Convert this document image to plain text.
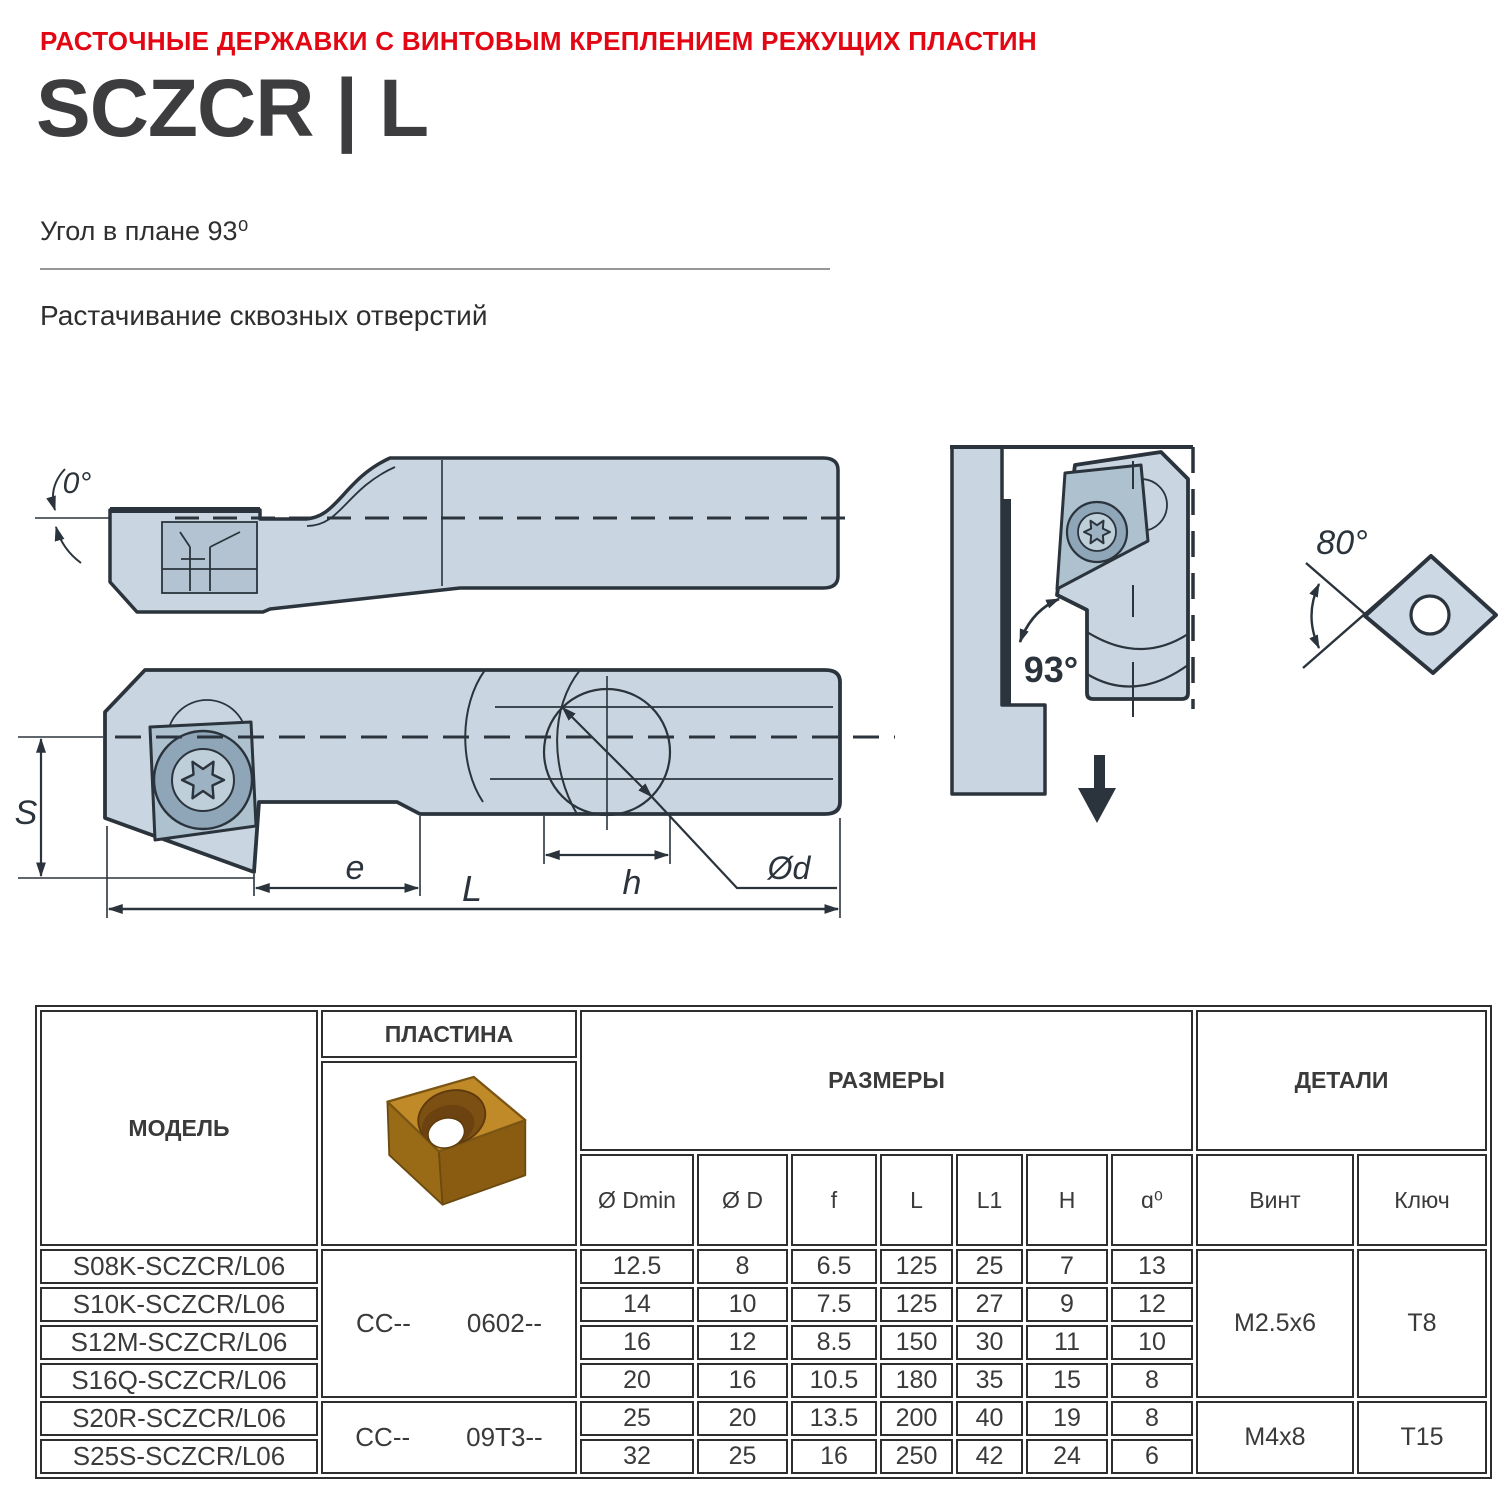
РАСТОЧНЫЕ ДЕРЖАВКИ С ВИНТОВЫМ КРЕПЛЕНИЕМ РЕЖУЩИХ ПЛАСТИН
SCZCR | L
Угол в плане 93⁰
Растачивание сквозных отверстий
0°
Ød
S
e	h
L
93°
80°
МОДЕЛЬ	ПЛАСТИНА	РАЗМЕРЫ							ДЕТАЛИ	

		Ø Dmin	Ø D	f	L	L1	H	ɑ⁰	Винт	Ключ
S08K-SCZCR/L06	CC-- 0602--	12.5	8	6.5	125	25	7	13	M2.5x6	T8
S10K-SCZCR/L06		14	10	7.5	125	27	9	12		
S12M-SCZCR/L06		16	12	8.5	150	30	11	10		
S16Q-SCZCR/L06		20	16	10.5	180	35	15	8		
S20R-SCZCR/L06	CC-- 09T3--	25	20	13.5	200	40	19	8	M4x8	T15
S25S-SCZCR/L06		32	25	16	250	42	24	6		
